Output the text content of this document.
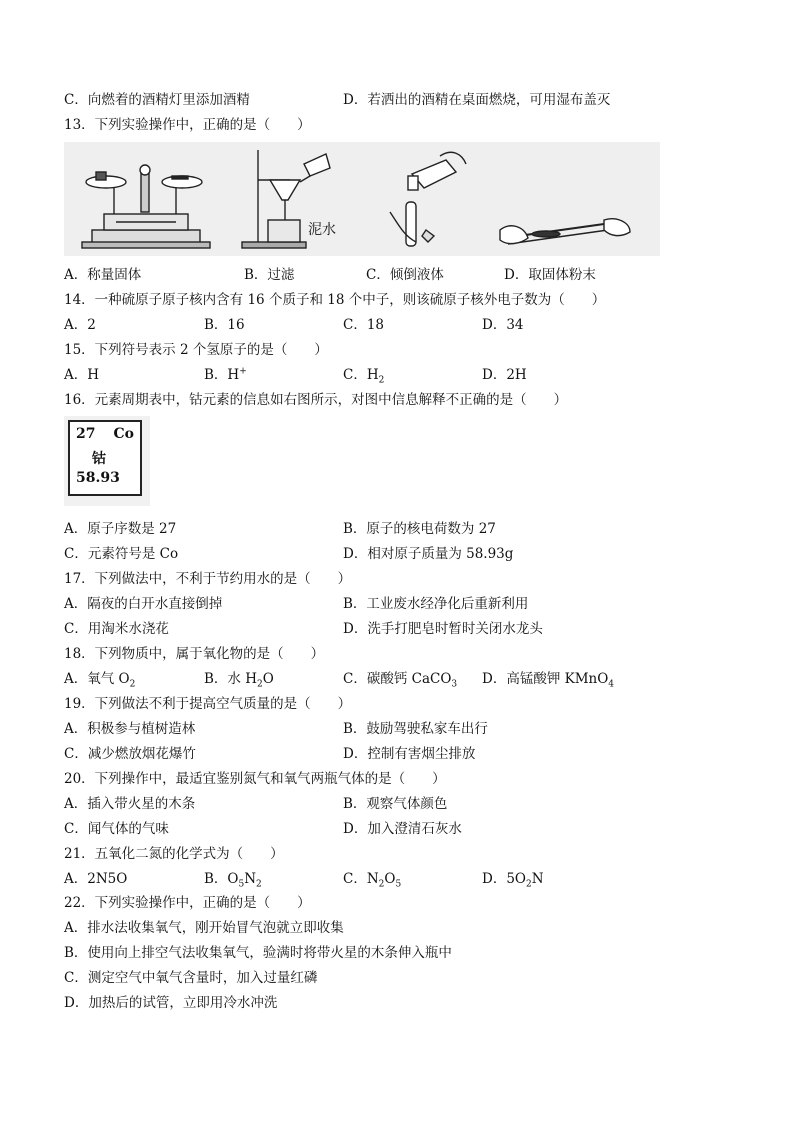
C．向燃着的酒精灯里添加酒精	D．若洒出的酒精在桌面燃烧，可用湿布盖灭
13．下列实验操作中，正确的是（　　）
泥水
A．称量固体	B．过滤	C．倾倒液体	D．取固体粉末
14．一种硫原子原子核内含有 16 个质子和 18 个中子，则该硫原子核外电子数为（　　）
A．2	B．16	C．18	D．34
15．下列符号表示 2 个氢原子的是（　　）
A．H	B．H+	C．$H_2$	D．2H
16．元素周期表中，钴元素的信息如右图所示，对图中信息解释不正确的是（　　）
27 Co
钴
58.93
A．原子序数是 27	B．原子的核电荷数为 27
C．元素符号是 Co	D．相对原子质量为 58.93g
17．下列做法中，不利于节约用水的是（　　）
A．隔夜的白开水直接倒掉	B．工业废水经净化后重新利用
C．用淘米水浇花	D．洗手打肥皂时暂时关闭水龙头
18．下列物质中，属于氧化物的是（　　）
A．氧气 $O_2$	B．水 $H_2O$	C．碳酸钙 CaCO$_3$ D．高锰酸钾 KMnO$_4$
19．下列做法不利于提高空气质量的是（　　）
A．积极参与植树造林	B．鼓励驾驶私家车出行
C．减少燃放烟花爆竹	D．控制有害烟尘排放
20．下列操作中，最适宜鉴别氮气和氧气两瓶气体的是（　　）
A．插入带火星的木条	B．观察气体颜色
C．闻气体的气味	D．加入澄清石灰水
21．五氧化二氮的化学式为（　　）
A．2N5O	B．$O_5N_2$	C．$N_2O_5$	D．$5O_2N$
22．下列实验操作中，正确的是（　　）
A．排水法收集氧气，刚开始冒气泡就立即收集
B．使用向上排空气法收集氧气，验满时将带火星的木条伸入瓶中
C．测定空气中氧气含量时，加入过量红磷
D．加热后的试管，立即用冷水冲洗
